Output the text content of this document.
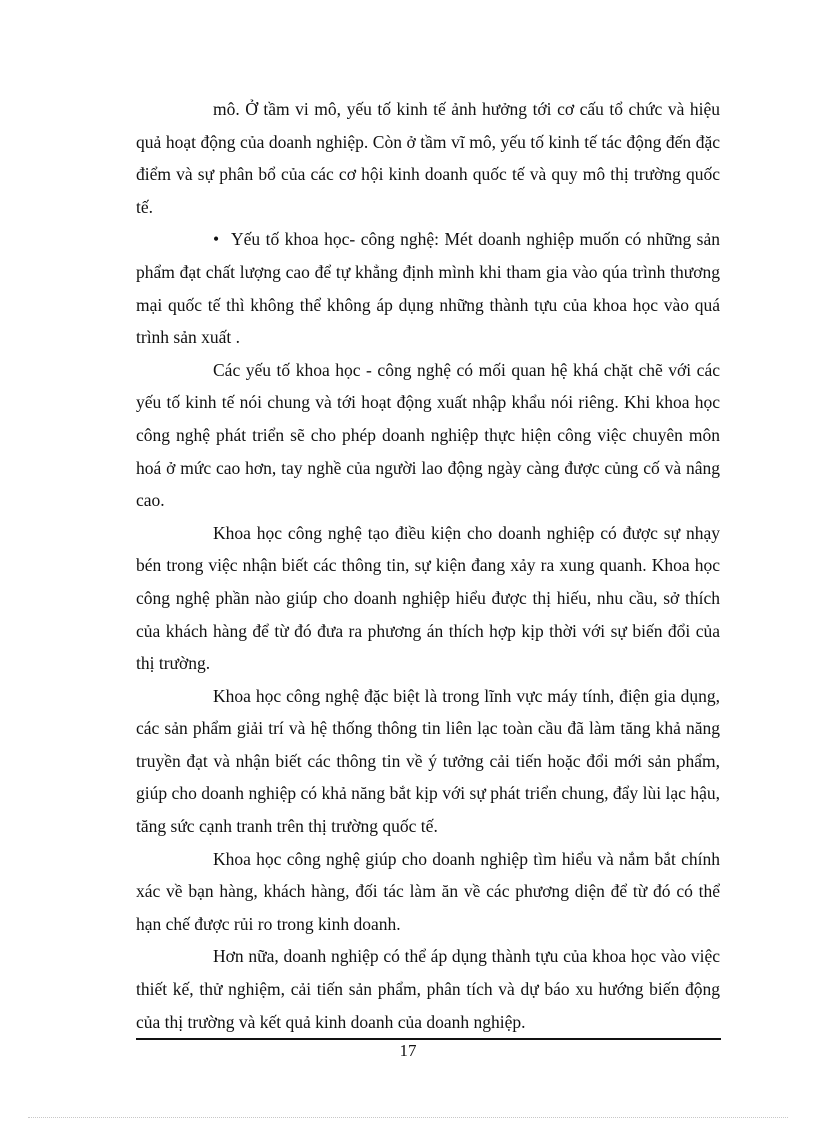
mô. Ở tầm vi mô, yếu tố kinh tế ảnh hưởng tới cơ cấu tổ chức và hiệu quả hoạt động của doanh nghiệp. Còn ở tầm vĩ mô, yếu tố kinh tế tác động đến đặc điểm và sự phân bổ của các cơ hội kinh doanh quốc tế và quy mô thị trường quốc tế.

• Yếu tố khoa học- công nghệ: Mét doanh nghiệp muốn có những sản phẩm đạt chất lượng cao để tự khẳng định mình khi tham gia vào qúa trình thương mại quốc tế thì không thể không áp dụng những thành tựu của khoa học vào quá trình sản xuất .

Các yếu tố khoa học - công nghệ có mối quan hệ khá chặt chẽ với các yếu tố kinh tế nói chung và tới hoạt động xuất nhập khẩu nói riêng. Khi khoa học công nghệ phát triển sẽ cho phép doanh nghiệp thực hiện công việc chuyên môn hoá ở mức cao hơn, tay nghề của người lao động ngày càng được củng cố và nâng cao.

Khoa học công nghệ tạo điều kiện cho doanh nghiệp có được sự nhạy bén trong việc nhận biết các thông tin, sự kiện đang xảy ra xung quanh. Khoa học công nghệ phần nào giúp cho doanh nghiệp hiểu được thị hiếu, nhu cầu, sở thích của khách hàng để từ đó đưa ra phương án thích hợp kịp thời với sự biến đổi của thị trường.

Khoa học công nghệ đặc biệt là trong lĩnh vực máy tính, điện gia dụng, các sản phẩm giải trí và hệ thống thông tin liên lạc toàn cầu đã làm tăng khả năng truyền đạt và nhận biết các thông tin về ý tưởng cải tiến hoặc đổi mới sản phẩm, giúp cho doanh nghiệp có khả năng bắt kịp với sự phát triển chung, đẩy lùi lạc hậu, tăng sức cạnh tranh trên thị trường quốc tế.

Khoa học công nghệ giúp cho doanh nghiệp tìm hiểu và nắm bắt chính xác về bạn hàng, khách hàng, đối tác làm ăn về các phương diện để từ đó có thể hạn chế được rủi ro trong kinh doanh.

Hơn nữa, doanh nghiệp có thể áp dụng thành tựu của khoa học vào việc thiết kế, thử nghiệm, cải tiến sản phẩm, phân tích và dự báo xu hướng biến động của thị trường và kết quả kinh doanh của doanh nghiệp.

17
